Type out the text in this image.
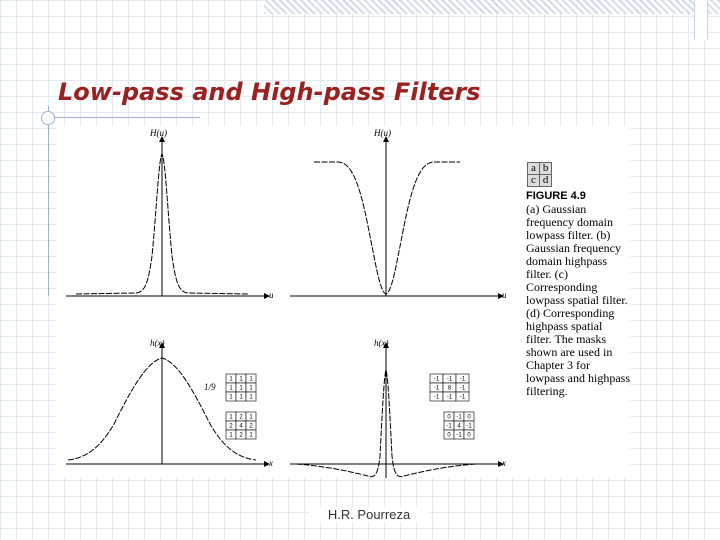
Low-pass and High-pass Filters
H(u)
u
H(u)
u
h(x)
x
1/9
h(x)
x
1 1 1
1 1 1
1 1 1
1 2 1
2 4 2
1 2 1
-1 -1 -1
-1 8 -1
-1 -1 -1
0 -1 0
-1 4 -1
0 -1 0
a	b
c	d
FIGURE 4.9
(a) Gaussian frequency domain lowpass filter. (b) Gaussian frequency domain highpass filter. (c) Corresponding lowpass spatial filter. (d) Corresponding highpass spatial filter. The masks shown are used in Chapter 3 for lowpass and highpass filtering.
H.R. Pourreza
